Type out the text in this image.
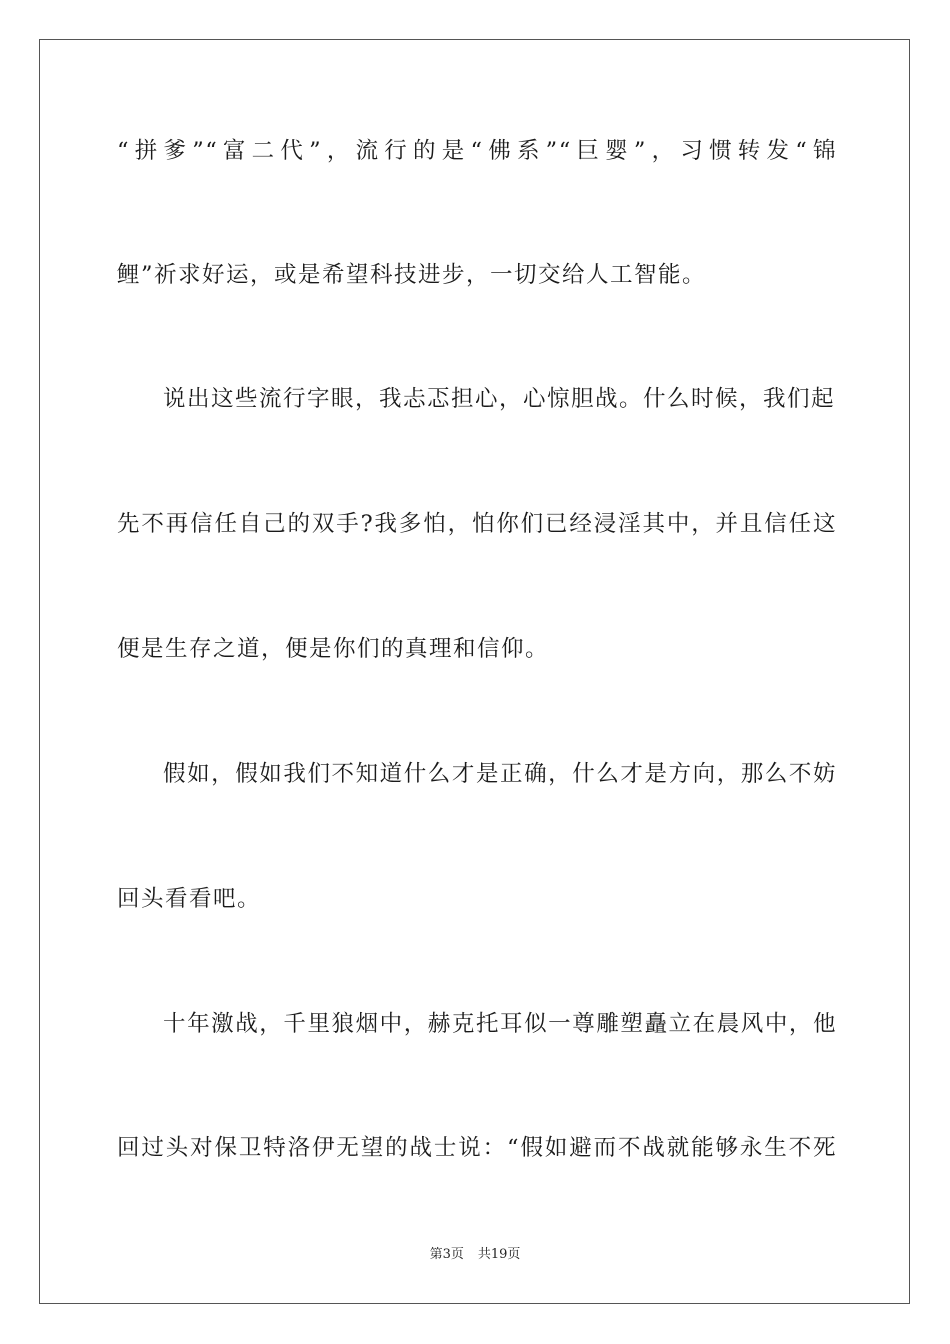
“拼爹”“富二代”，流行的是“佛系”“巨婴”，习惯转发“锦
鲤”祈求好运，或是希望科技进步，一切交给人工智能。
说出这些流行字眼，我忐忑担心，心惊胆战。什么时候，我们起
先不再信任自己的双手?我多怕，怕你们已经浸淫其中，并且信任这
便是生存之道，便是你们的真理和信仰。
假如，假如我们不知道什么才是正确，什么才是方向，那么不妨
回头看看吧。
十年激战，千里狼烟中，赫克托耳似一尊雕塑矗立在晨风中，他
回过头对保卫特洛伊无望的战士说：“假如避而不战就能够永生不死
第3页 共19页
